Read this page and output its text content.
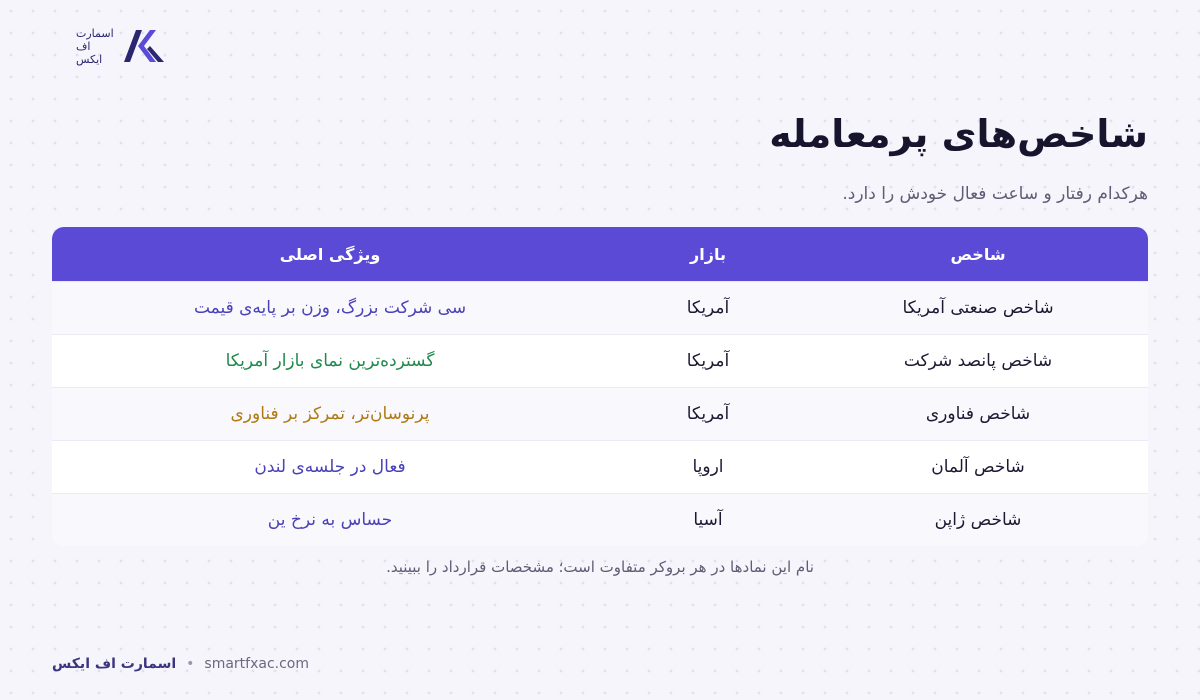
اسمارت
اف
ایکس
شاخص‌های پرمعامله

هرکدام رفتار و ساعت فعال خودش را دارد.

شاخص
بازار
ویژگی اصلی
شاخص صنعتی آمریکا
آمریکا
سی شرکت بزرگ، وزن بر پایه‌ی قیمت
شاخص پانصد شرکت
آمریکا
گسترده‌ترین نمای بازار آمریکا
شاخص فناوری
آمریکا
پرنوسان‌تر، تمرکز بر فناوری
شاخص آلمان
اروپا
فعال در جلسه‌ی لندن
شاخص ژاپن
آسیا
حساس به نرخ ین

نام این نمادها در هر بروکر متفاوت است؛ مشخصات قرارداد را ببینید.

اسمارت اف ایکس • smartfxac.com
